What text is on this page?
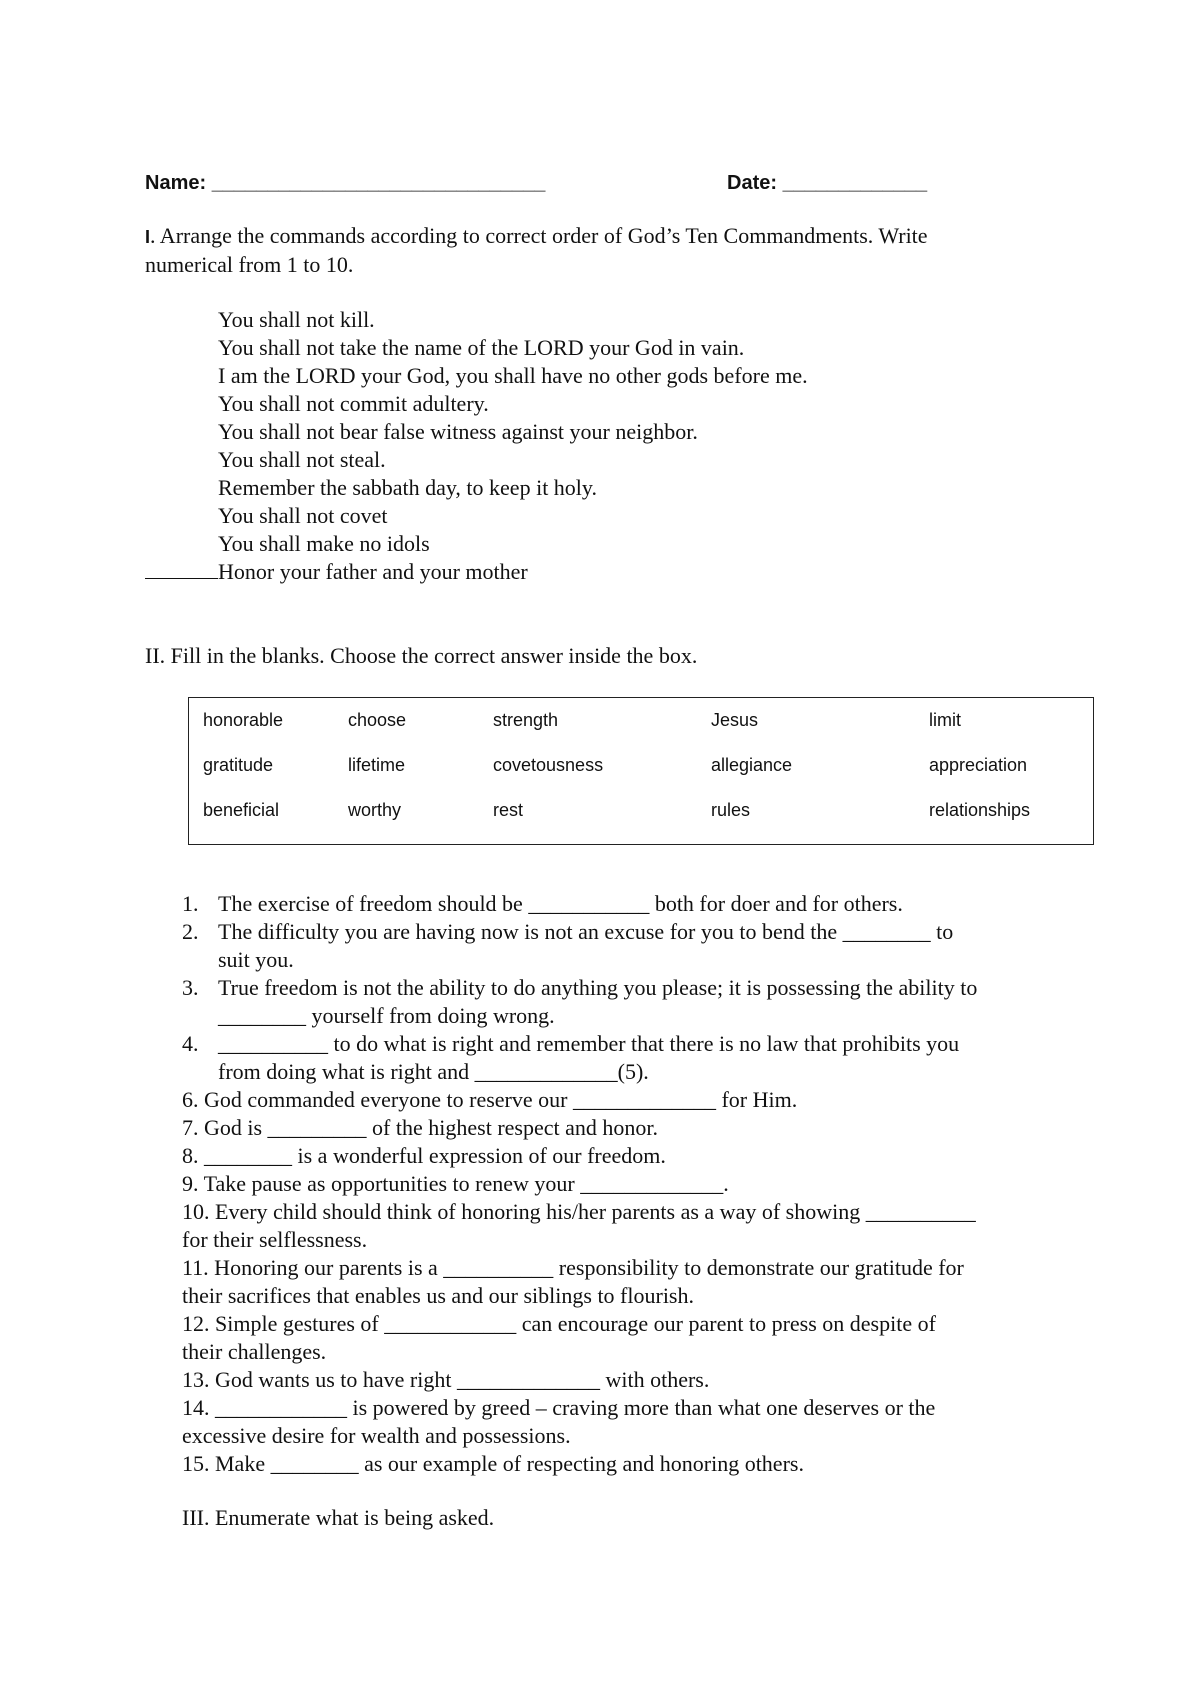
Name: ______________________________	Date: _____________
I. Arrange the commands according to correct order of God’s Ten Commandments. Write
numerical from 1 to 10.
You shall not kill.
You shall not take the name of the LORD your God in vain.
I am the LORD your God, you shall have no other gods before me.
You shall not commit adultery.
You shall not bear false witness against your neighbor.
You shall not steal.
Remember the sabbath day, to keep it holy.
You shall not covet
You shall make no idols
Honor your father and your mother
II. Fill in the blanks. Choose the correct answer inside the box.
honorable	choose	strength	Jesus	limit
gratitude	lifetime	covetousness	allegiance	appreciation
beneficial	worthy	rest	rules	relationships
1. The exercise of freedom should be ___________ both for doer and for others.
2. The difficulty you are having now is not an excuse for you to bend the ________ to
suit you.
3. True freedom is not the ability to do anything you please; it is possessing the ability to
________ yourself from doing wrong.
4. __________ to do what is right and remember that there is no law that prohibits you
from doing what is right and _____________(5).
6. God commanded everyone to reserve our _____________ for Him.
7. God is _________ of the highest respect and honor.
8. ________ is a wonderful expression of our freedom.
9. Take pause as opportunities to renew your _____________.
10. Every child should think of honoring his/her parents as a way of showing __________
for their selflessness.
11. Honoring our parents is a __________ responsibility to demonstrate our gratitude for
their sacrifices that enables us and our siblings to flourish.
12. Simple gestures of ____________ can encourage our parent to press on despite of
their challenges.
13. God wants us to have right _____________ with others.
14. ____________ is powered by greed – craving more than what one deserves or the
excessive desire for wealth and possessions.
15. Make ________ as our example of respecting and honoring others.
III. Enumerate what is being asked.
